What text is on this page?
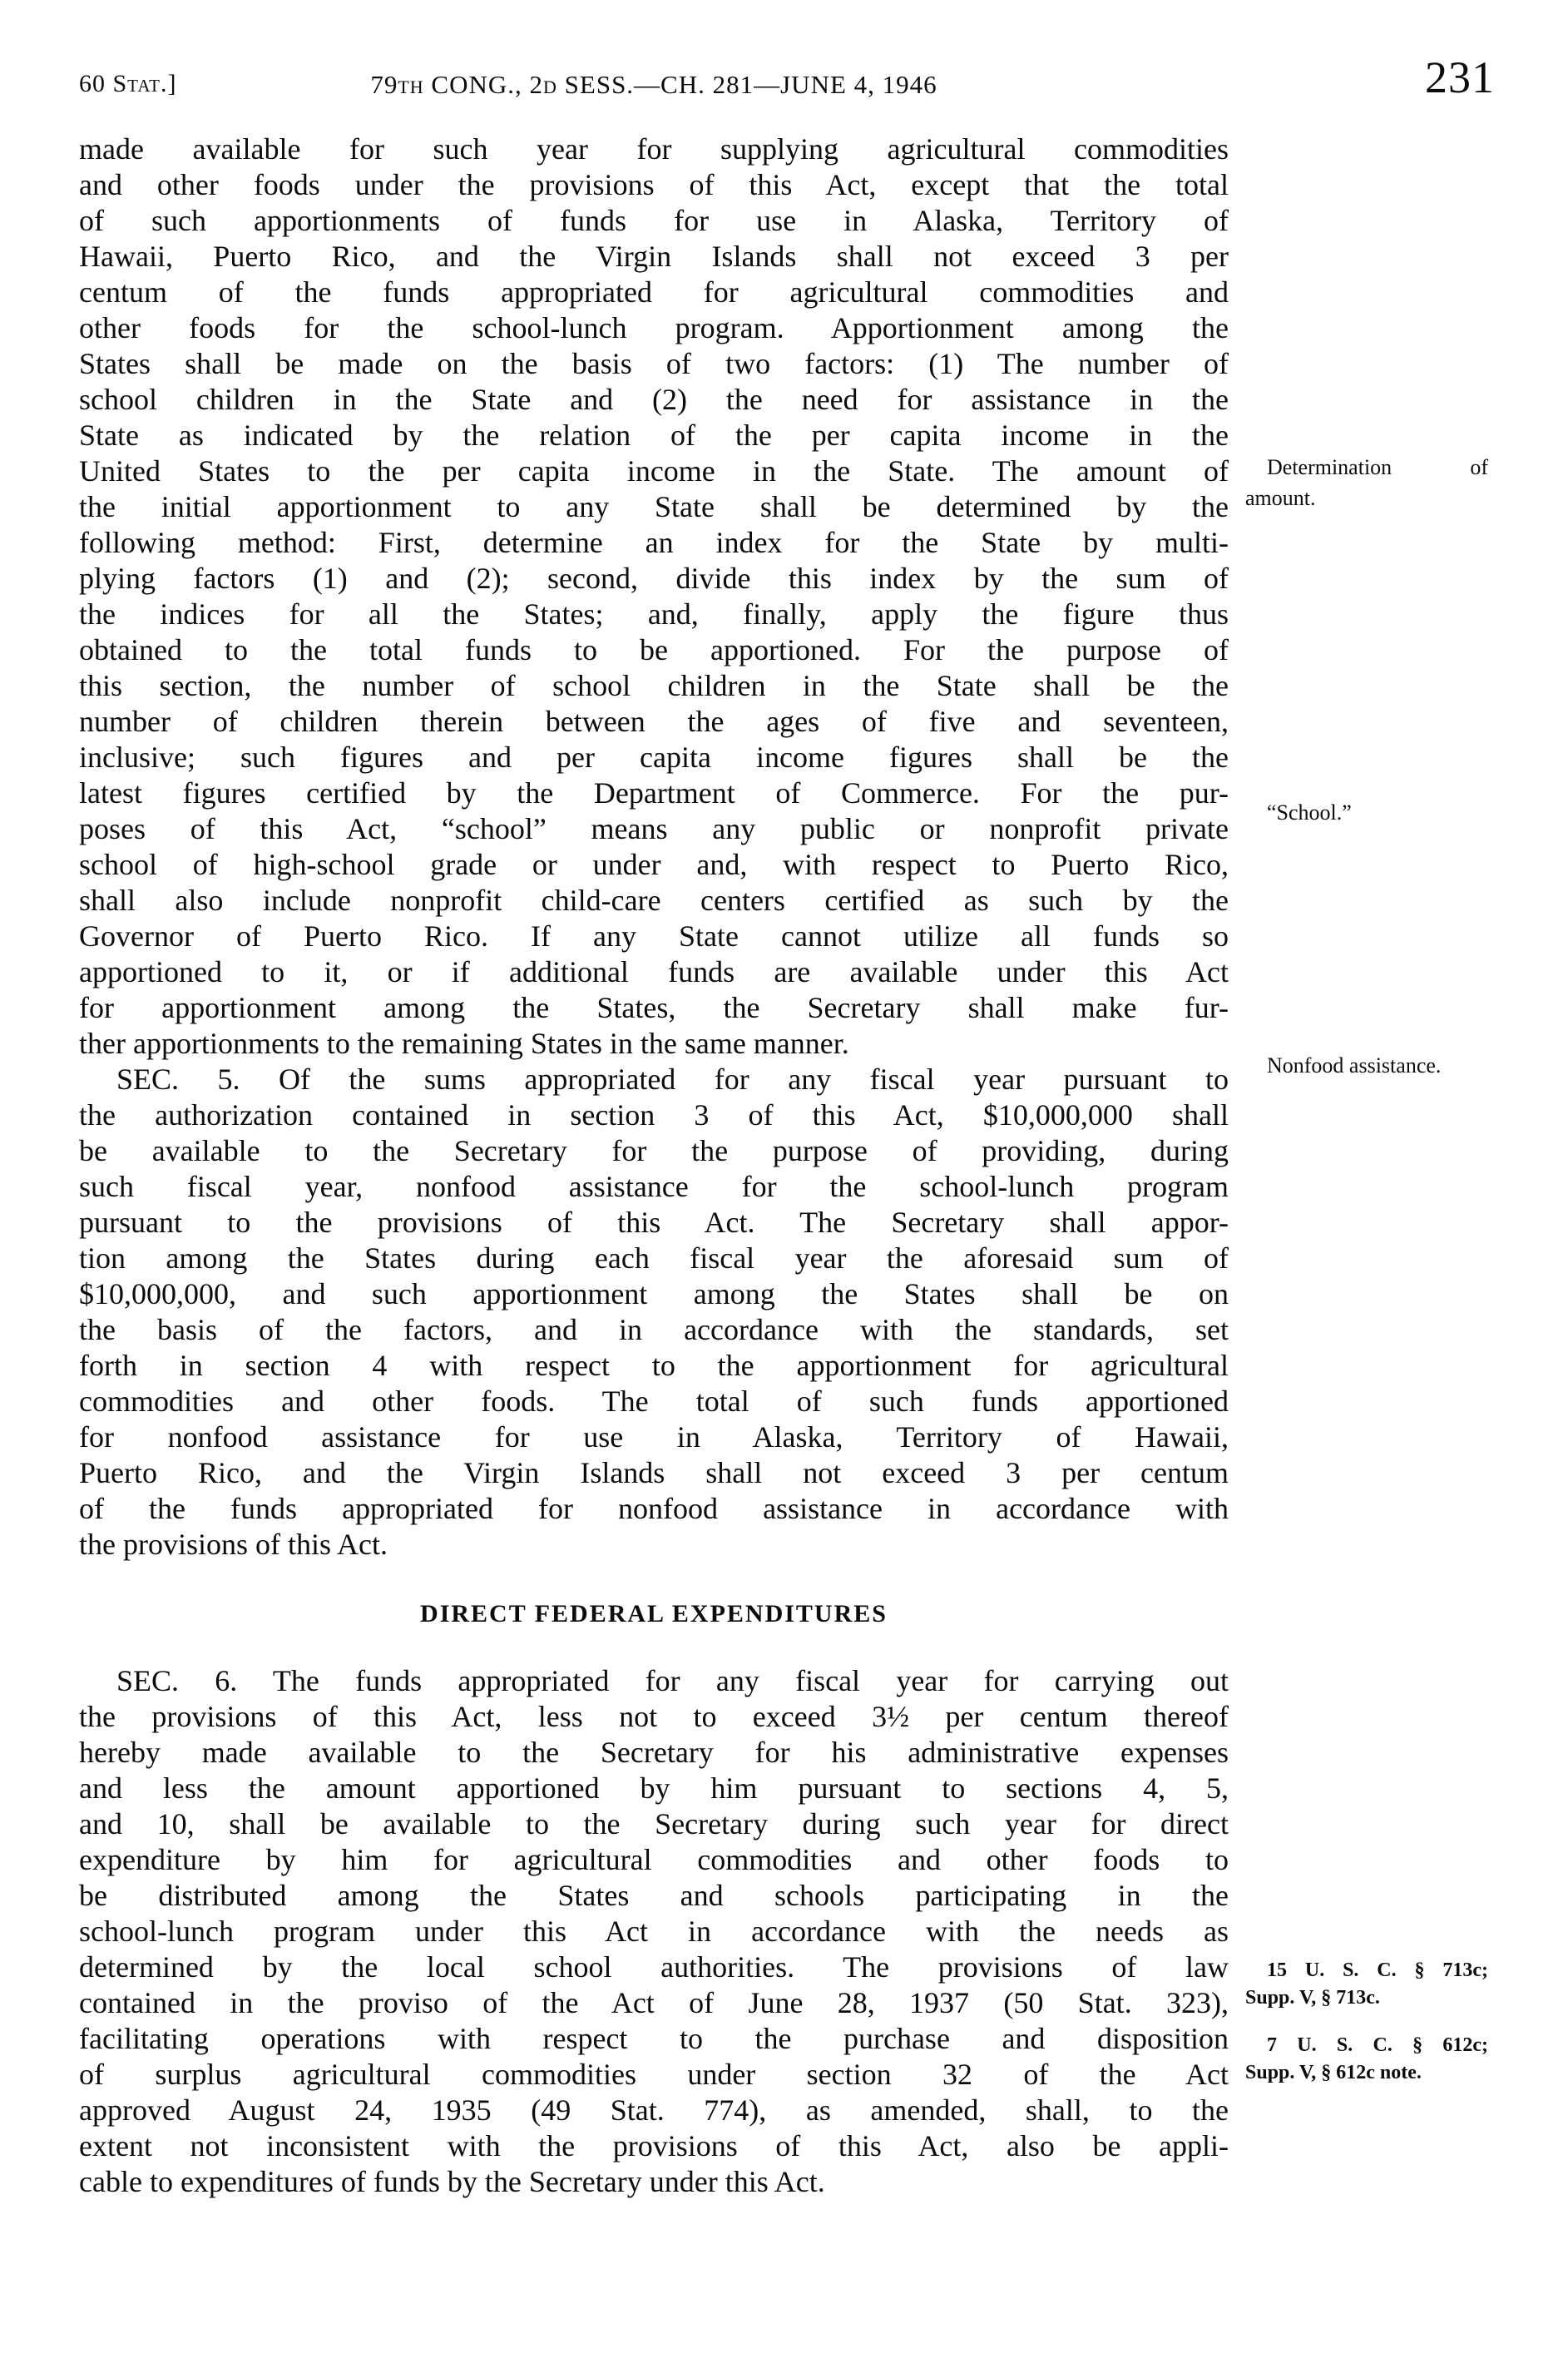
60 Stat.]	79th CONG., 2d SESS.—CH. 281—JUNE 4, 1946	231
made available for such year for supplying agricultural commodities
and other foods under the provisions of this Act, except that the total
of such apportionments of funds for use in Alaska, Territory of
Hawaii, Puerto Rico, and the Virgin Islands shall not exceed 3 per
centum of the funds appropriated for agricultural commodities and
other foods for the school-lunch program. Apportionment among the
States shall be made on the basis of two factors: (1) The number of
school children in the State and (2) the need for assistance in the
State as indicated by the relation of the per capita income in the
United States to the per capita income in the State. The amount of
the initial apportionment to any State shall be determined by the
following method: First, determine an index for the State by multi-
plying factors (1) and (2); second, divide this index by the sum of
the indices for all the States; and, finally, apply the figure thus
obtained to the total funds to be apportioned. For the purpose of
this section, the number of school children in the State shall be the
number of children therein between the ages of five and seventeen,
inclusive; such figures and per capita income figures shall be the
latest figures certified by the Department of Commerce. For the pur-
poses of this Act, “school” means any public or nonprofit private
school of high-school grade or under and, with respect to Puerto Rico,
shall also include nonprofit child-care centers certified as such by the
Governor of Puerto Rico. If any State cannot utilize all funds so
apportioned to it, or if additional funds are available under this Act
for apportionment among the States, the Secretary shall make fur-
ther apportionments to the remaining States in the same manner.
SEC. 5. Of the sums appropriated for any fiscal year pursuant to
the authorization contained in section 3 of this Act, $10,000,000 shall
be available to the Secretary for the purpose of providing, during
such fiscal year, nonfood assistance for the school-lunch program
pursuant to the provisions of this Act. The Secretary shall appor-
tion among the States during each fiscal year the aforesaid sum of
$10,000,000, and such apportionment among the States shall be on
the basis of the factors, and in accordance with the standards, set
forth in section 4 with respect to the apportionment for agricultural
commodities and other foods. The total of such funds apportioned
for nonfood assistance for use in Alaska, Territory of Hawaii,
Puerto Rico, and the Virgin Islands shall not exceed 3 per centum
of the funds appropriated for nonfood assistance in accordance with
the provisions of this Act.
DIRECT FEDERAL EXPENDITURES
SEC. 6. The funds appropriated for any fiscal year for carrying out
the provisions of this Act, less not to exceed 3½ per centum thereof
hereby made available to the Secretary for his administrative expenses
and less the amount apportioned by him pursuant to sections 4, 5,
and 10, shall be available to the Secretary during such year for direct
expenditure by him for agricultural commodities and other foods to
be distributed among the States and schools participating in the
school-lunch program under this Act in accordance with the needs as
determined by the local school authorities. The provisions of law
contained in the proviso of the Act of June 28, 1937 (50 Stat. 323),
facilitating operations with respect to the purchase and disposition
of surplus agricultural commodities under section 32 of the Act
approved August 24, 1935 (49 Stat. 774), as amended, shall, to the
extent not inconsistent with the provisions of this Act, also be appli-
cable to expenditures of funds by the Secretary under this Act.
Determination of
amount.
“School.”
Nonfood assistance.
15 U. S. C. § 713c;
Supp. V, § 713c.
7 U. S. C. § 612c;
Supp. V, § 612c note.
